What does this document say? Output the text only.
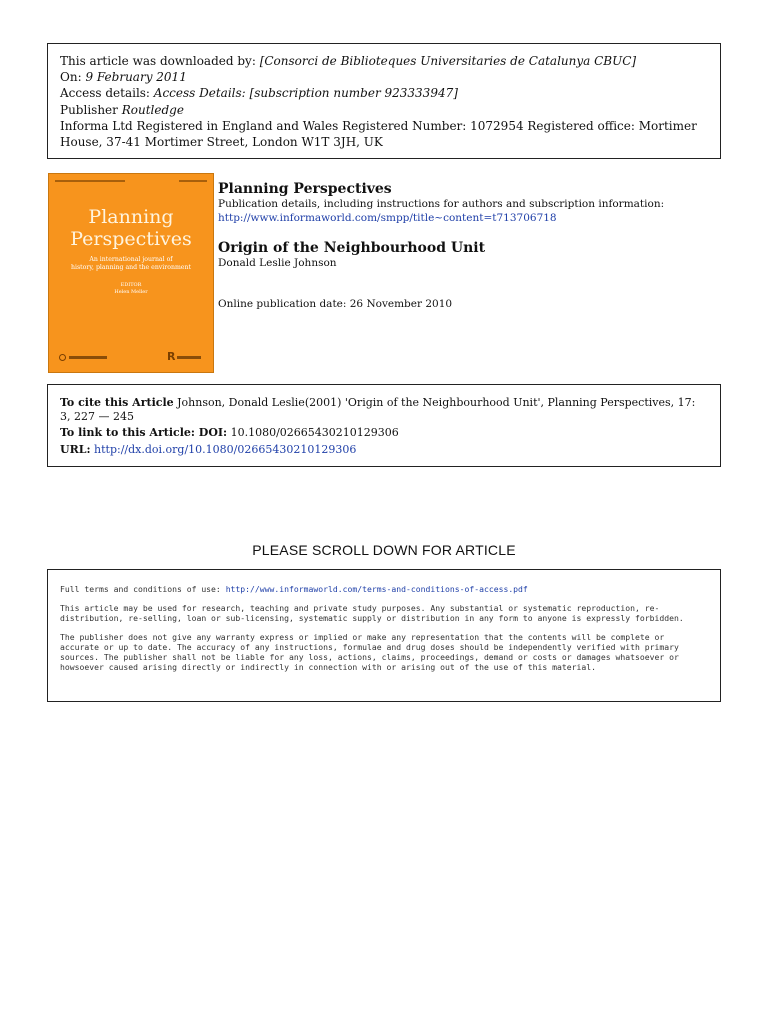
This article was downloaded by: [Consorci de Biblioteques Universitaries de Catalunya CBUC]
On: 9 February 2011
Access details: Access Details: [subscription number 923333947]
Publisher Routledge
Informa Ltd Registered in England and Wales Registered Number: 1072954 Registered office: Mortimer House, 37-41 Mortimer Street, London W1T 3JH, UK
Planning
Perspectives
An international journal of
history, planning and the environment
EDITOR
Helen Meller
R
Planning Perspectives
Publication details, including instructions for authors and subscription information:
http://www.informaworld.com/smpp/title~content=t713706718
Origin of the Neighbourhood Unit
Donald Leslie Johnson
Online publication date: 26 November 2010
To cite this Article Johnson, Donald Leslie(2001) 'Origin of the Neighbourhood Unit', Planning Perspectives, 17: 3, 227 — 245
To link to this Article: DOI: 10.1080/02665430210129306
URL: http://dx.doi.org/10.1080/02665430210129306
PLEASE SCROLL DOWN FOR ARTICLE

Full terms and conditions of use: http://www.informaworld.com/terms-and-conditions-of-access.pdf

This article may be used for research, teaching and private study purposes. Any substantial or systematic reproduction, re-distribution, re-selling, loan or sub-licensing, systematic supply or distribution in any form to anyone is expressly forbidden.

The publisher does not give any warranty express or implied or make any representation that the contents will be complete or accurate or up to date. The accuracy of any instructions, formulae and drug doses should be independently verified with primary sources. The publisher shall not be liable for any loss, actions, claims, proceedings, demand or costs or damages whatsoever or howsoever caused arising directly or indirectly in connection with or arising out of the use of this material.
